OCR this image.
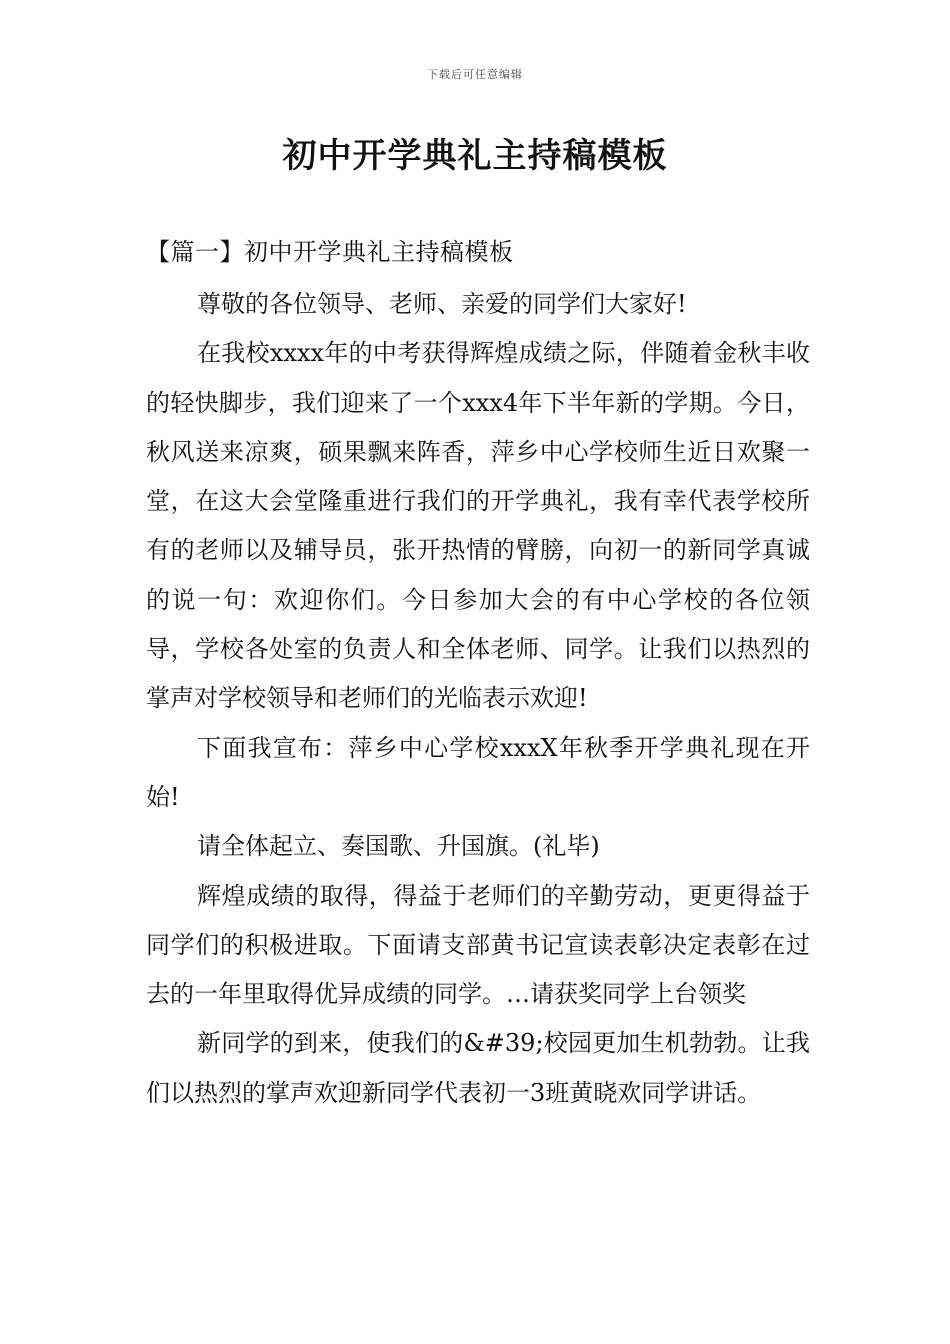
下载后可任意编辑
初中开学典礼主持稿模板
【篇一】初中开学典礼主持稿模板

尊敬的各位领导、老师、亲爱的同学们大家好!

在我校xxxx年的中考获得辉煌成绩之际，伴随着金秋丰收的轻快脚步，我们迎来了一个xxx4年下半年新的学期。今日，秋风送来凉爽，硕果飘来阵香，萍乡中心学校师生近日欢聚一堂，在这大会堂隆重进行我们的开学典礼，我有幸代表学校所有的老师以及辅导员，张开热情的臂膀，向初一的新同学真诚的说一句：欢迎你们。今日参加大会的有中心学校的各位领导，学校各处室的负责人和全体老师、同学。让我们以热烈的掌声对学校领导和老师们的光临表示欢迎!

下面我宣布：萍乡中心学校xxxX年秋季开学典礼现在开始!

请全体起立、奏国歌、升国旗。(礼毕)

辉煌成绩的取得，得益于老师们的辛勤劳动，更更得益于同学们的积极进取。下面请支部黄书记宣读表彰决定表彰在过去的一年里取得优异成绩的同学。…请获奖同学上台领奖

新同学的到来，使我们的&#39;校园更加生机勃勃。让我们以热烈的掌声欢迎新同学代表初一3班黄晓欢同学讲话。
